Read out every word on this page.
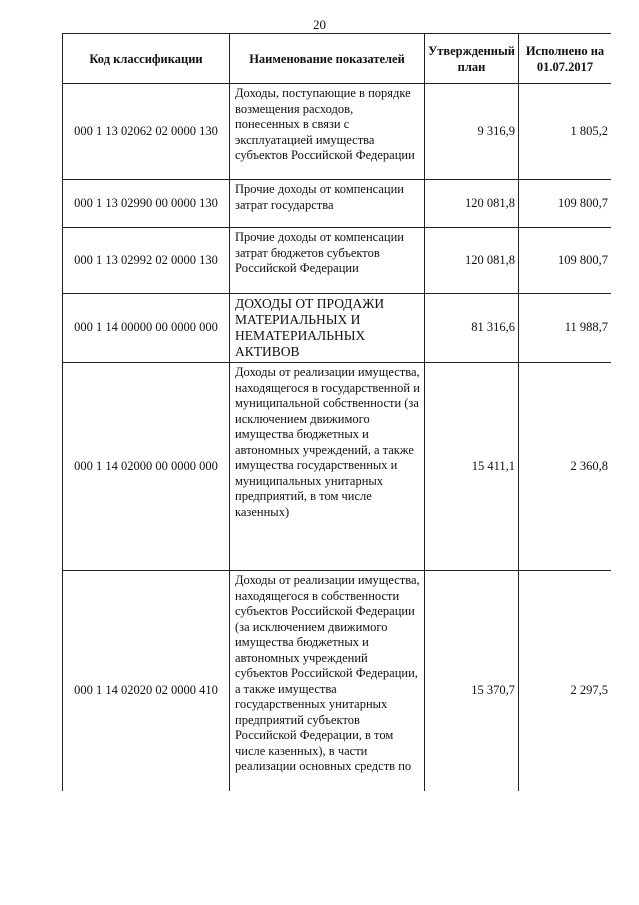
20
Код классификации	Наименование показателей	Утвержденный план	Исполнено на 01.07.2017
000 1 13 02062 02 0000 130	Доходы, поступающие в порядке возмещения расходов, понесенных в связи с эксплуатацией имущества субъектов Российской Федерации	9 316,9	1 805,2
000 1 13 02990 00 0000 130	Прочие доходы от компенсации затрат государства	120 081,8	109 800,7
000 1 13 02992 02 0000 130	Прочие доходы от компенсации затрат бюджетов субъектов Российской Федерации	120 081,8	109 800,7
000 1 14 00000 00 0000 000	ДОХОДЫ ОТ ПРОДАЖИ МАТЕРИАЛЬНЫХ И НЕМАТЕРИАЛЬНЫХ АКТИВОВ	81 316,6	11 988,7
000 1 14 02000 00 0000 000	Доходы от реализации имущества, находящегося в государственной и муниципальной собственности (за исключением движимого имущества бюджетных и автономных учреждений, а также имущества государственных и муниципальных унитарных предприятий, в том числе казенных)	15 411,1	2 360,8
000 1 14 02020 02 0000 410	Доходы от реализации имущества, находящегося в собственности субъектов Российской Федерации (за исключением движимого имущества бюджетных и автономных учреждений субъектов Российской Федерации, а также имущества государственных унитарных предприятий субъектов Российской Федерации, в том числе казенных), в части реализации основных средств по	15 370,7	2 297,5
